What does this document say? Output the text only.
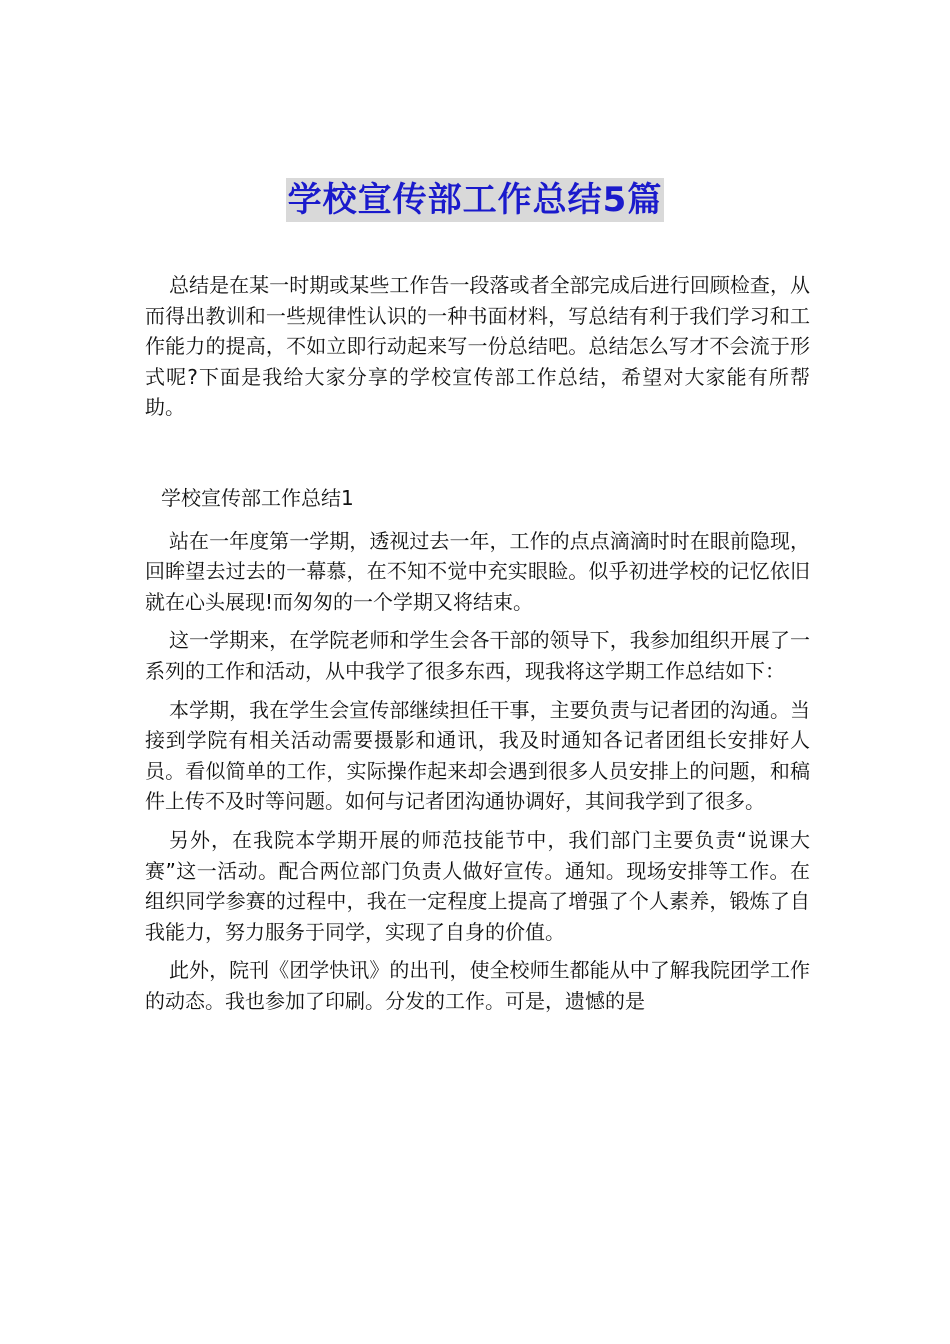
学校宣传部工作总结5篇

总结是在某一时期或某些工作告一段落或者全部完成后进行回顾检查，从而得出教训和一些规律性认识的一种书面材料，写总结有利于我们学习和工作能力的提高，不如立即行动起来写一份总结吧。总结怎么写才不会流于形式呢?下面是我给大家分享的学校宣传部工作总结，希望对大家能有所帮助。

学校宣传部工作总结1

站在一年度第一学期，透视过去一年，工作的点点滴滴时时在眼前隐现，回眸望去过去的一幕慕，在不知不觉中充实眼睑。似乎初进学校的记忆依旧就在心头展现!而匆匆的一个学期又将结束。

这一学期来，在学院老师和学生会各干部的领导下，我参加组织开展了一系列的工作和活动，从中我学了很多东西，现我将这学期工作总结如下：

本学期，我在学生会宣传部继续担任干事，主要负责与记者团的沟通。当接到学院有相关活动需要摄影和通讯，我及时通知各记者团组长安排好人员。看似简单的工作，实际操作起来却会遇到很多人员安排上的问题，和稿件上传不及时等问题。如何与记者团沟通协调好，其间我学到了很多。

另外，在我院本学期开展的师范技能节中，我们部门主要负责“说课大赛”这一活动。配合两位部门负责人做好宣传。通知。现场安排等工作。在组织同学参赛的过程中，我在一定程度上提高了增强了个人素养，锻炼了自我能力，努力服务于同学，实现了自身的价值。

此外，院刊《团学快讯》的出刊，使全校师生都能从中了解我院团学工作的动态。我也参加了印刷。分发的工作。可是，遗憾的是
